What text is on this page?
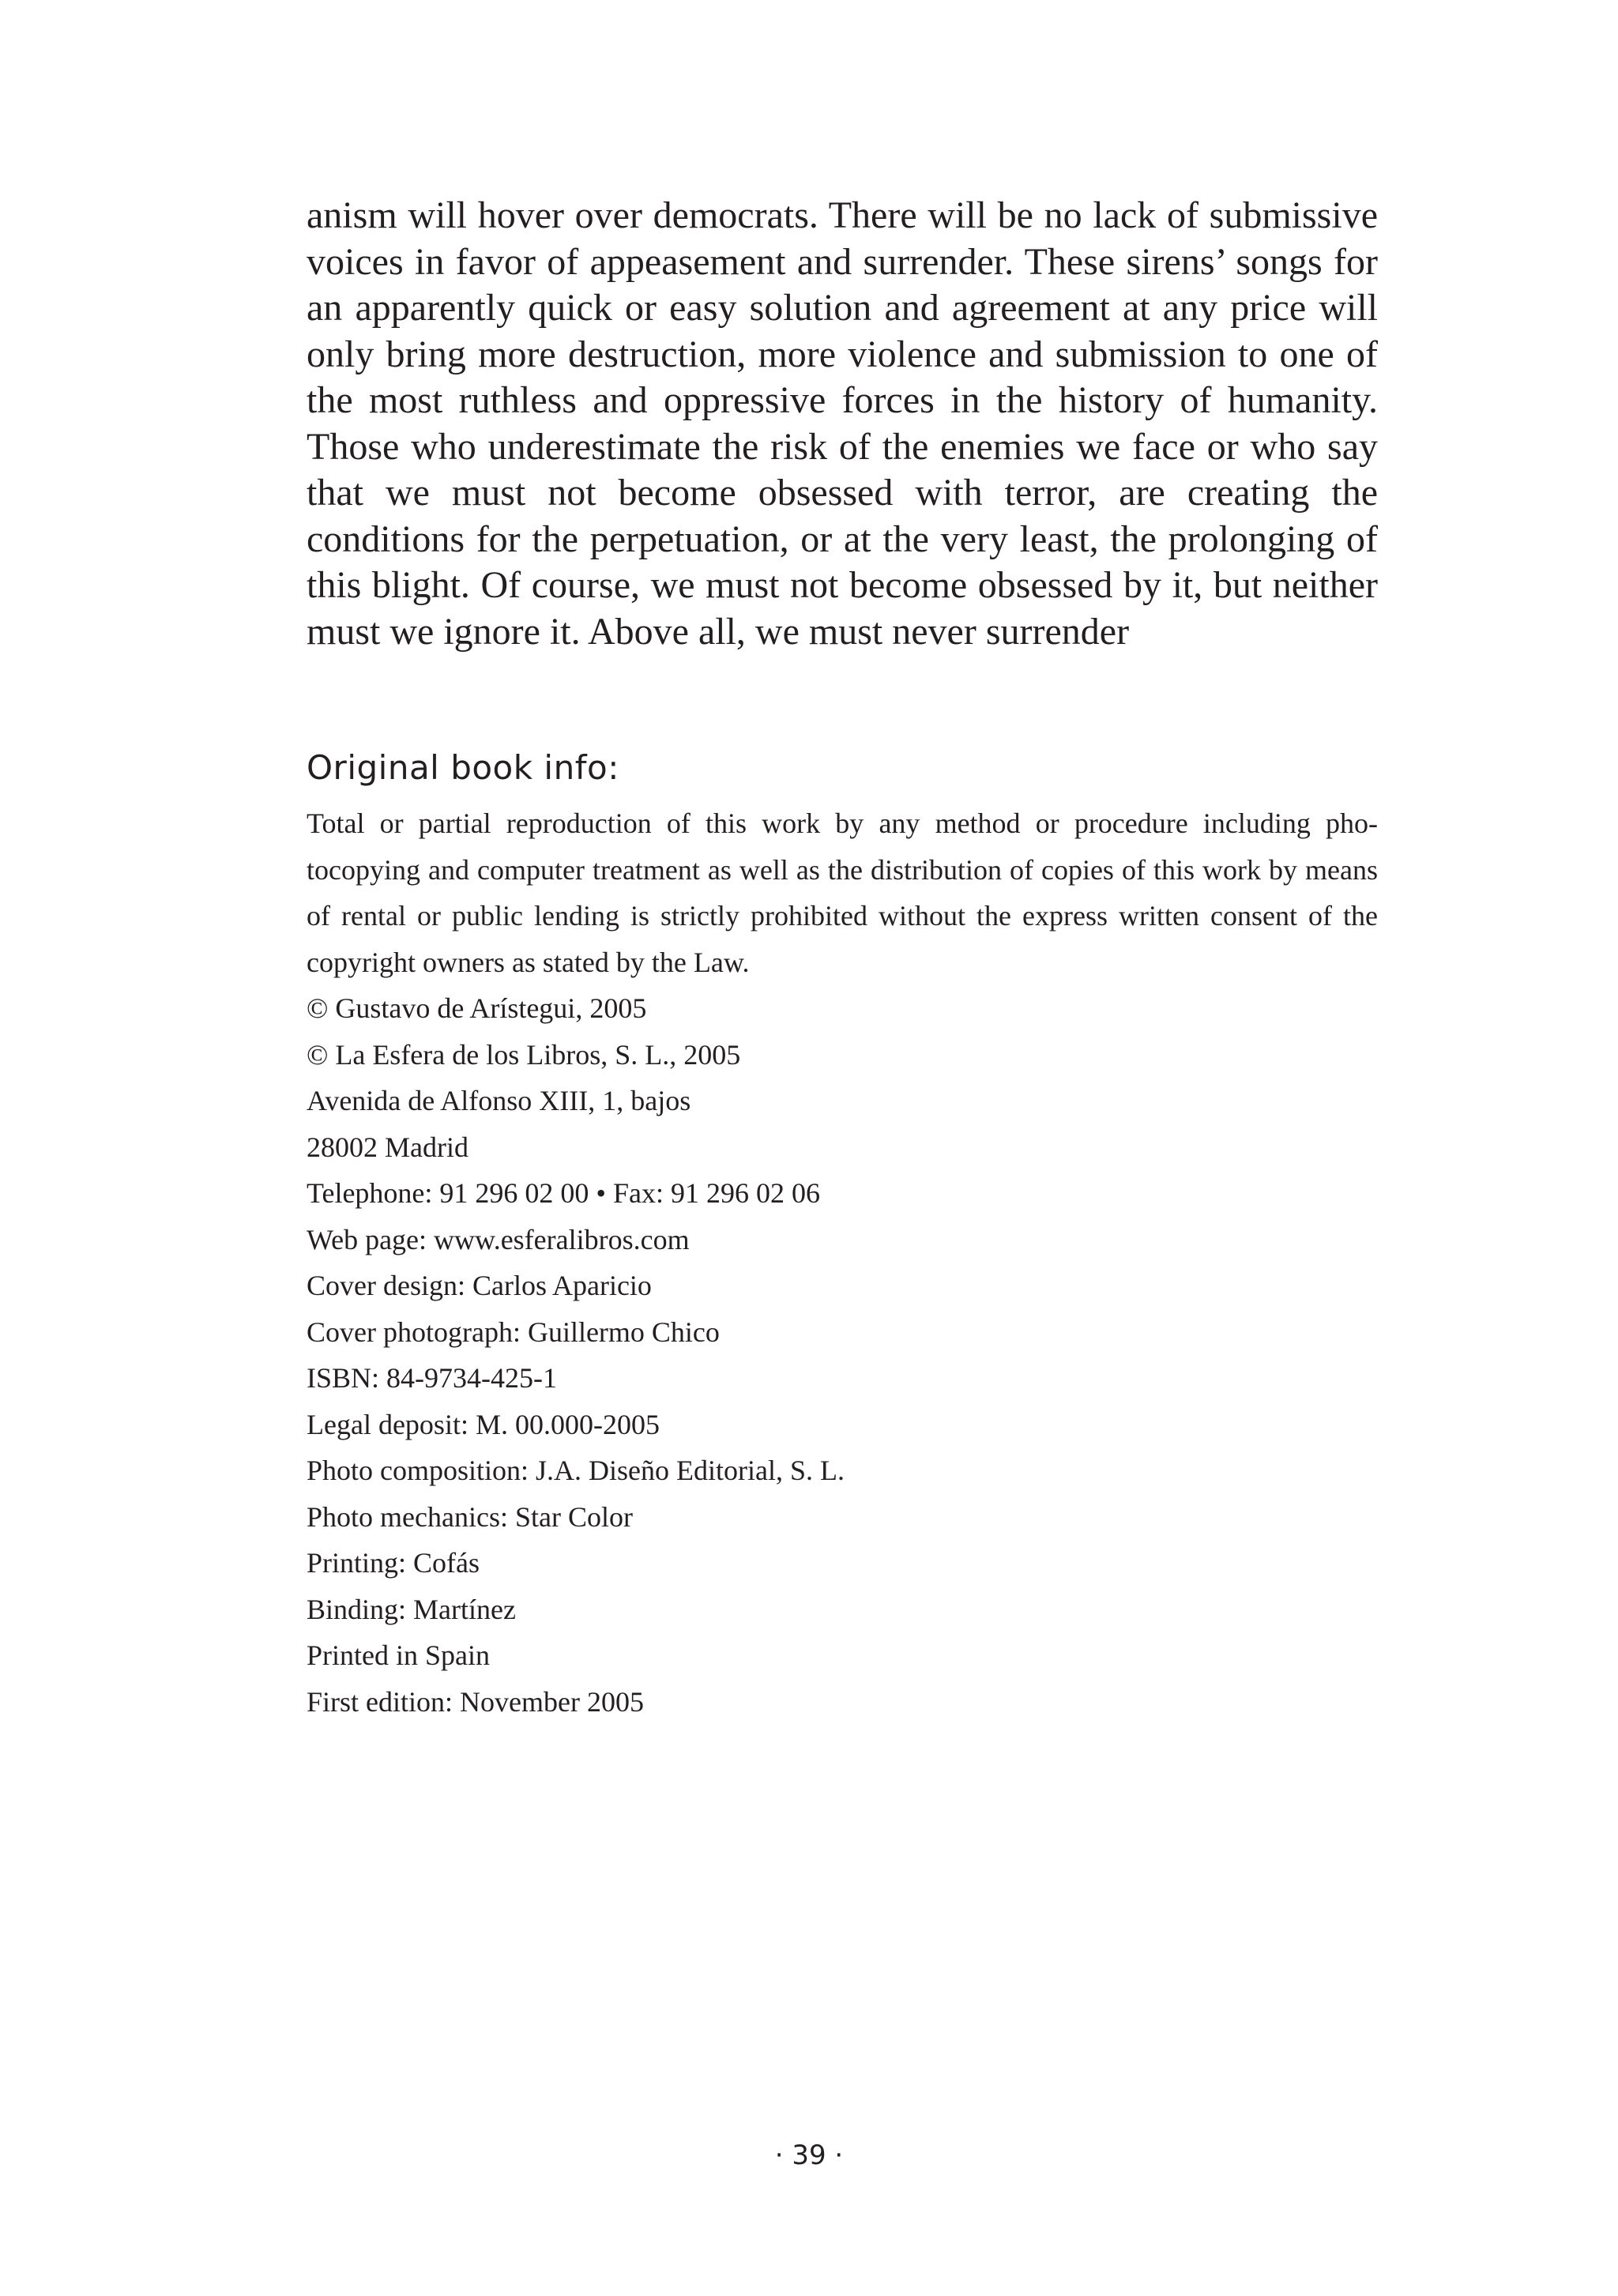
anism will hover over democrats. There will be no lack of submissive voices in favor of appeasement and surrender. These sirens’ songs for an apparently quick or easy solution and agreement at any price will only bring more destruction, more violence and submission to one of the most ruthless and oppressive forces in the history of humanity. Those who underestimate the risk of the enemies we face or who say that we must not become obsessed with terror, are creating the conditions for the perpetuation, or at the very least, the prolonging of this blight. Of course, we must not become obsessed by it, but neither must we ignore it. Above all, we must never surrender

Original book info:

Total or partial reproduction of this work by any method or procedure including photocopying and computer treatment as well as the distribution of copies of this work by means of rental or public lending is strictly prohibited without the express written consent of the copyright owners as stated by the Law.

© Gustavo de Arístegui, 2005
© La Esfera de los Libros, S. L., 2005
Avenida de Alfonso XIII, 1, bajos
28002 Madrid
Telephone: 91 296 02 00 • Fax: 91 296 02 06
Web page: www.esferalibros.com
Cover design: Carlos Aparicio
Cover photograph: Guillermo Chico
ISBN: 84-9734-425-1
Legal deposit: M. 00.000-2005
Photo composition: J.A. Diseño Editorial, S. L.
Photo mechanics: Star Color
Printing: Cofás
Binding: Martínez
Printed in Spain
First edition: November 2005
· 39 ·
